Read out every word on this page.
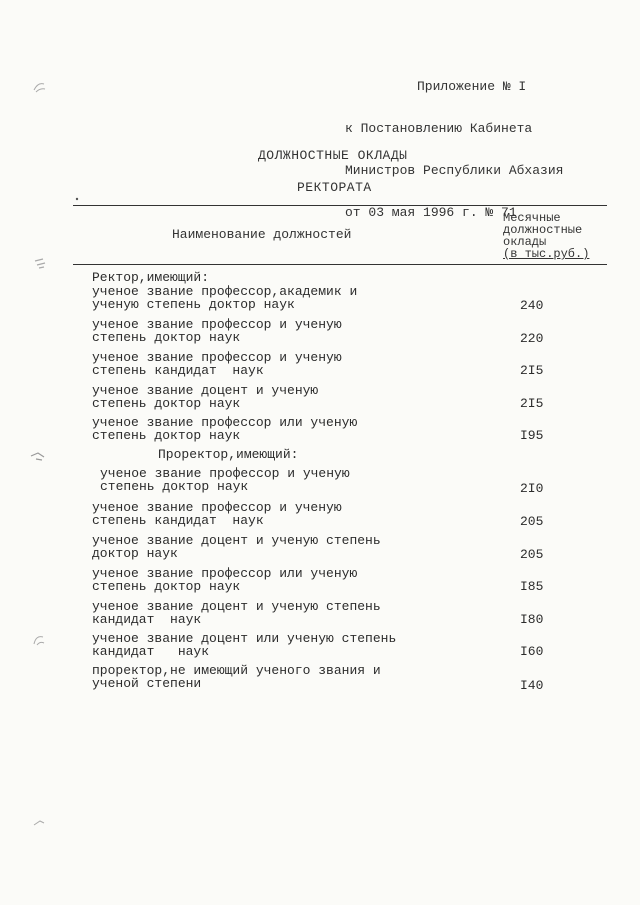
Приложение № I

к Постановлению Кабинета

Министров Республики Абхазия

от 03 мая 1996 г. № 71

ДОЛЖНОСТНЫЕ ОКЛАДЫ
РЕКТОРАТА
Наименование должностей
Месячные
должностные
оклады
(в тыс.руб.)
Ректор,имеющий:
ученое звание профессор,академик и
ученую степень доктор наук	240
ученое звание профессор и ученую
степень доктор наук	220
ученое звание профессор и ученую
степень кандидат  наук	2I5
ученое звание доцент и ученую
степень доктор наук	2I5
ученое звание профессор или ученую
степень доктор наук	I95
Проректор,имеющий:
ученое звание профессор и ученую
степень доктор наук	2I0
ученое звание профессор и ученую
степень кандидат  наук	205
ученое звание доцент и ученую степень
доктор наук	205
ученое звание профессор или ученую
степень доктор наук	I85
ученое звание доцент и ученую степень
кандидат  наук	I80
ученое звание доцент или ученую степень
кандидат   наук	I60
проректор,не имеющий ученого звания и
ученой степени	I40
